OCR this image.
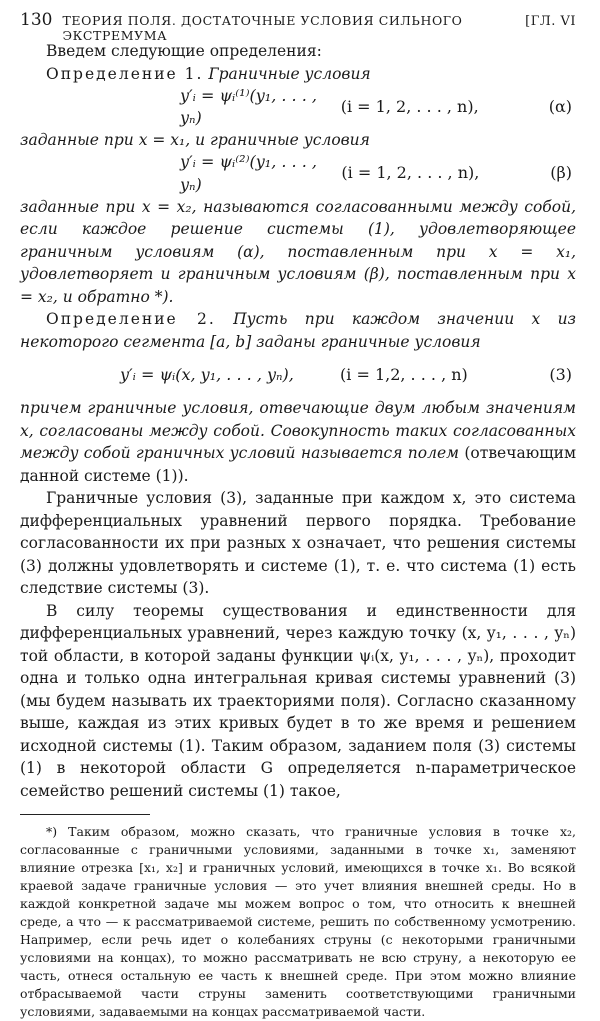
130 ТЕОРИЯ ПОЛЯ. ДОСТАТОЧНЫЕ УСЛОВИЯ СИЛЬНОГО ЭКСТРЕМУМА
[ГЛ. VI

Введем следующие определения:

Определение 1. Граничные условия

y′ᵢ = ψᵢ⁽¹⁾(y₁, . . . , yₙ)
(i = 1, 2, . . . , n),	(α)

заданные при x = x₁, и граничные условия

y′ᵢ = ψᵢ⁽²⁾(y₁, . . . , yₙ)
(i = 1, 2, . . . , n),	(β)

заданные при x = x₂, называются согласованными между собой, если каждое решение системы (1), удовлетворяющее граничным условиям (α), поставленным при x = x₁, удовлетворяет и граничным условиям (β), поставленным при x = x₂, и обратно *).

Определение 2. Пусть при каждом значении x из некоторого сегмента [a, b] заданы граничные условия

y′ᵢ = ψᵢ(x, y₁, . . . , yₙ),	(i = 1,2, . . . , n)	(3)

причем граничные условия, отвечающие двум любым значениям x, согласованы между собой. Совокупность таких согласованных между собой граничных условий называется полем (отвечающим данной системе (1)).

Граничные условия (3), заданные при каждом x, это система дифференциальных уравнений первого порядка. Требование согласованности их при разных x означает, что решения системы (3) должны удовлетворять и системе (1), т. е. что система (1) есть следствие системы (3).

В силу теоремы существования и единственности для дифференциальных уравнений, через каждую точку (x, y₁, . . . , yₙ) той области, в которой заданы функции ψᵢ(x, y₁, . . . , yₙ), проходит одна и только одна интегральная кривая системы уравнений (3) (мы будем называть их траекториями поля). Согласно сказанному выше, каждая из этих кривых будет в то же время и решением исходной системы (1). Таким образом, заданием поля (3) системы (1) в некоторой области G определяется n-параметрическое семейство решений системы (1) такое,

*) Таким образом, можно сказать, что граничные условия в точке x₂, согласованные с граничными условиями, заданными в точке x₁, заменяют влияние отрезка [x₁, x₂] и граничных условий, имеющихся в точке x₁. Во всякой краевой задаче граничные условия — это учет влияния внешней среды. Но в каждой конкретной задаче мы можем вопрос о том, что относить к внешней среде, а что — к рассматриваемой системе, решить по собственному усмотрению. Например, если речь идет о колебаниях струны (с некоторыми граничными условиями на концах), то можно рассматривать не всю струну, а некоторую ее часть, отнеся остальную ее часть к внешней среде. При этом можно влияние отбрасываемой части струны заменить соответствующими граничными условиями, задаваемыми на концах рассматриваемой части.
